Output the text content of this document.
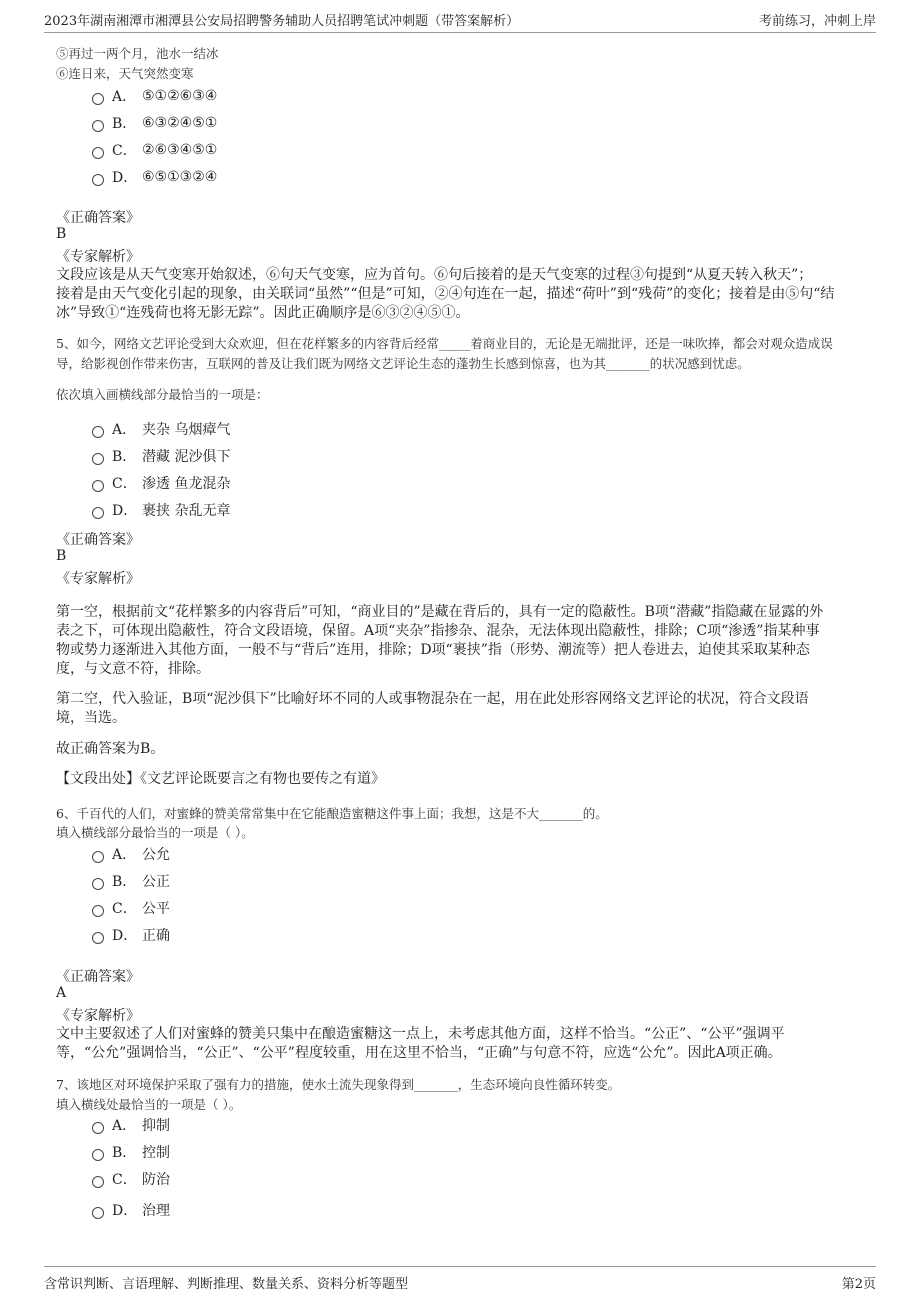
2023年湖南湘潭市湘潭县公安局招聘警务辅助人员招聘笔试冲刺题（带答案解析）	考前练习，冲刺上岸
⑤再过一两个月，池水一结冰
⑥连日来，天气突然变寒
A． ⑤①②⑥③④
B． ⑥③②④⑤①
C． ②⑥③④⑤①
D． ⑥⑤①③②④
《正确答案》
B
《专家解析》
文段应该是从天气变寒开始叙述，⑥句天气变寒，应为首句。⑥句后接着的是天气变寒的过程③句提到“从夏天转入秋天”；
接着是由天气变化引起的现象，由关联词“虽然”“但是”可知，②④句连在一起，描述“荷叶”到“残荷”的变化；接着是由⑤句“结
冰”导致①“连残荷也将无影无踪”。因此正确顺序是⑥③②④⑤①。
5、如今，网络文艺评论受到大众欢迎，但在花样繁多的内容背后经常_____着商业目的，无论是无端批评，还是一味吹捧，都会对观众造成误
导，给影视创作带来伤害，互联网的普及让我们既为网络文艺评论生态的蓬勃生长感到惊喜，也为其_______的状况感到忧虑。
依次填入画横线部分最恰当的一项是：
A． 夹杂 乌烟瘴气
B． 潜藏 泥沙俱下
C． 渗透 鱼龙混杂
D． 裹挟 杂乱无章
《正确答案》
B
《专家解析》
第一空，根据前文“花样繁多的内容背后”可知，“商业目的”是藏在背后的，具有一定的隐蔽性。B项“潜藏”指隐藏在显露的外
表之下，可体现出隐蔽性，符合文段语境，保留。A项“夹杂”指掺杂、混杂，无法体现出隐蔽性，排除；C项“渗透”指某种事
物或势力逐渐进入其他方面，一般不与“背后”连用，排除；D项“裹挟”指（形势、潮流等）把人卷进去，迫使其采取某种态
度，与文意不符，排除。
第二空，代入验证，B项“泥沙俱下”比喻好坏不同的人或事物混杂在一起，用在此处形容网络文艺评论的状况，符合文段语
境，当选。
故正确答案为B。
【文段出处】《文艺评论既要言之有物也要传之有道》
6、千百代的人们，对蜜蜂的赞美常常集中在它能酿造蜜糖这件事上面；我想，这是不大_______的。
填入横线部分最恰当的一项是（ ）。
A． 公允
B． 公正
C． 公平
D． 正确
《正确答案》
A
《专家解析》
文中主要叙述了人们对蜜蜂的赞美只集中在酿造蜜糖这一点上，未考虑其他方面，这样不恰当。“公正”、“公平”强调平
等，“公允”强调恰当，“公正”、“公平”程度较重，用在这里不恰当，“正确”与句意不符，应选“公允”。因此A项正确。
7、该地区对环境保护采取了强有力的措施，使水土流失现象得到_______，生态环境向良性循环转变。
填入横线处最恰当的一项是（ ）。
A． 抑制
B． 控制
C． 防治
D． 治理
含常识判断、言语理解、判断推理、数量关系、资料分析等题型	第2页
